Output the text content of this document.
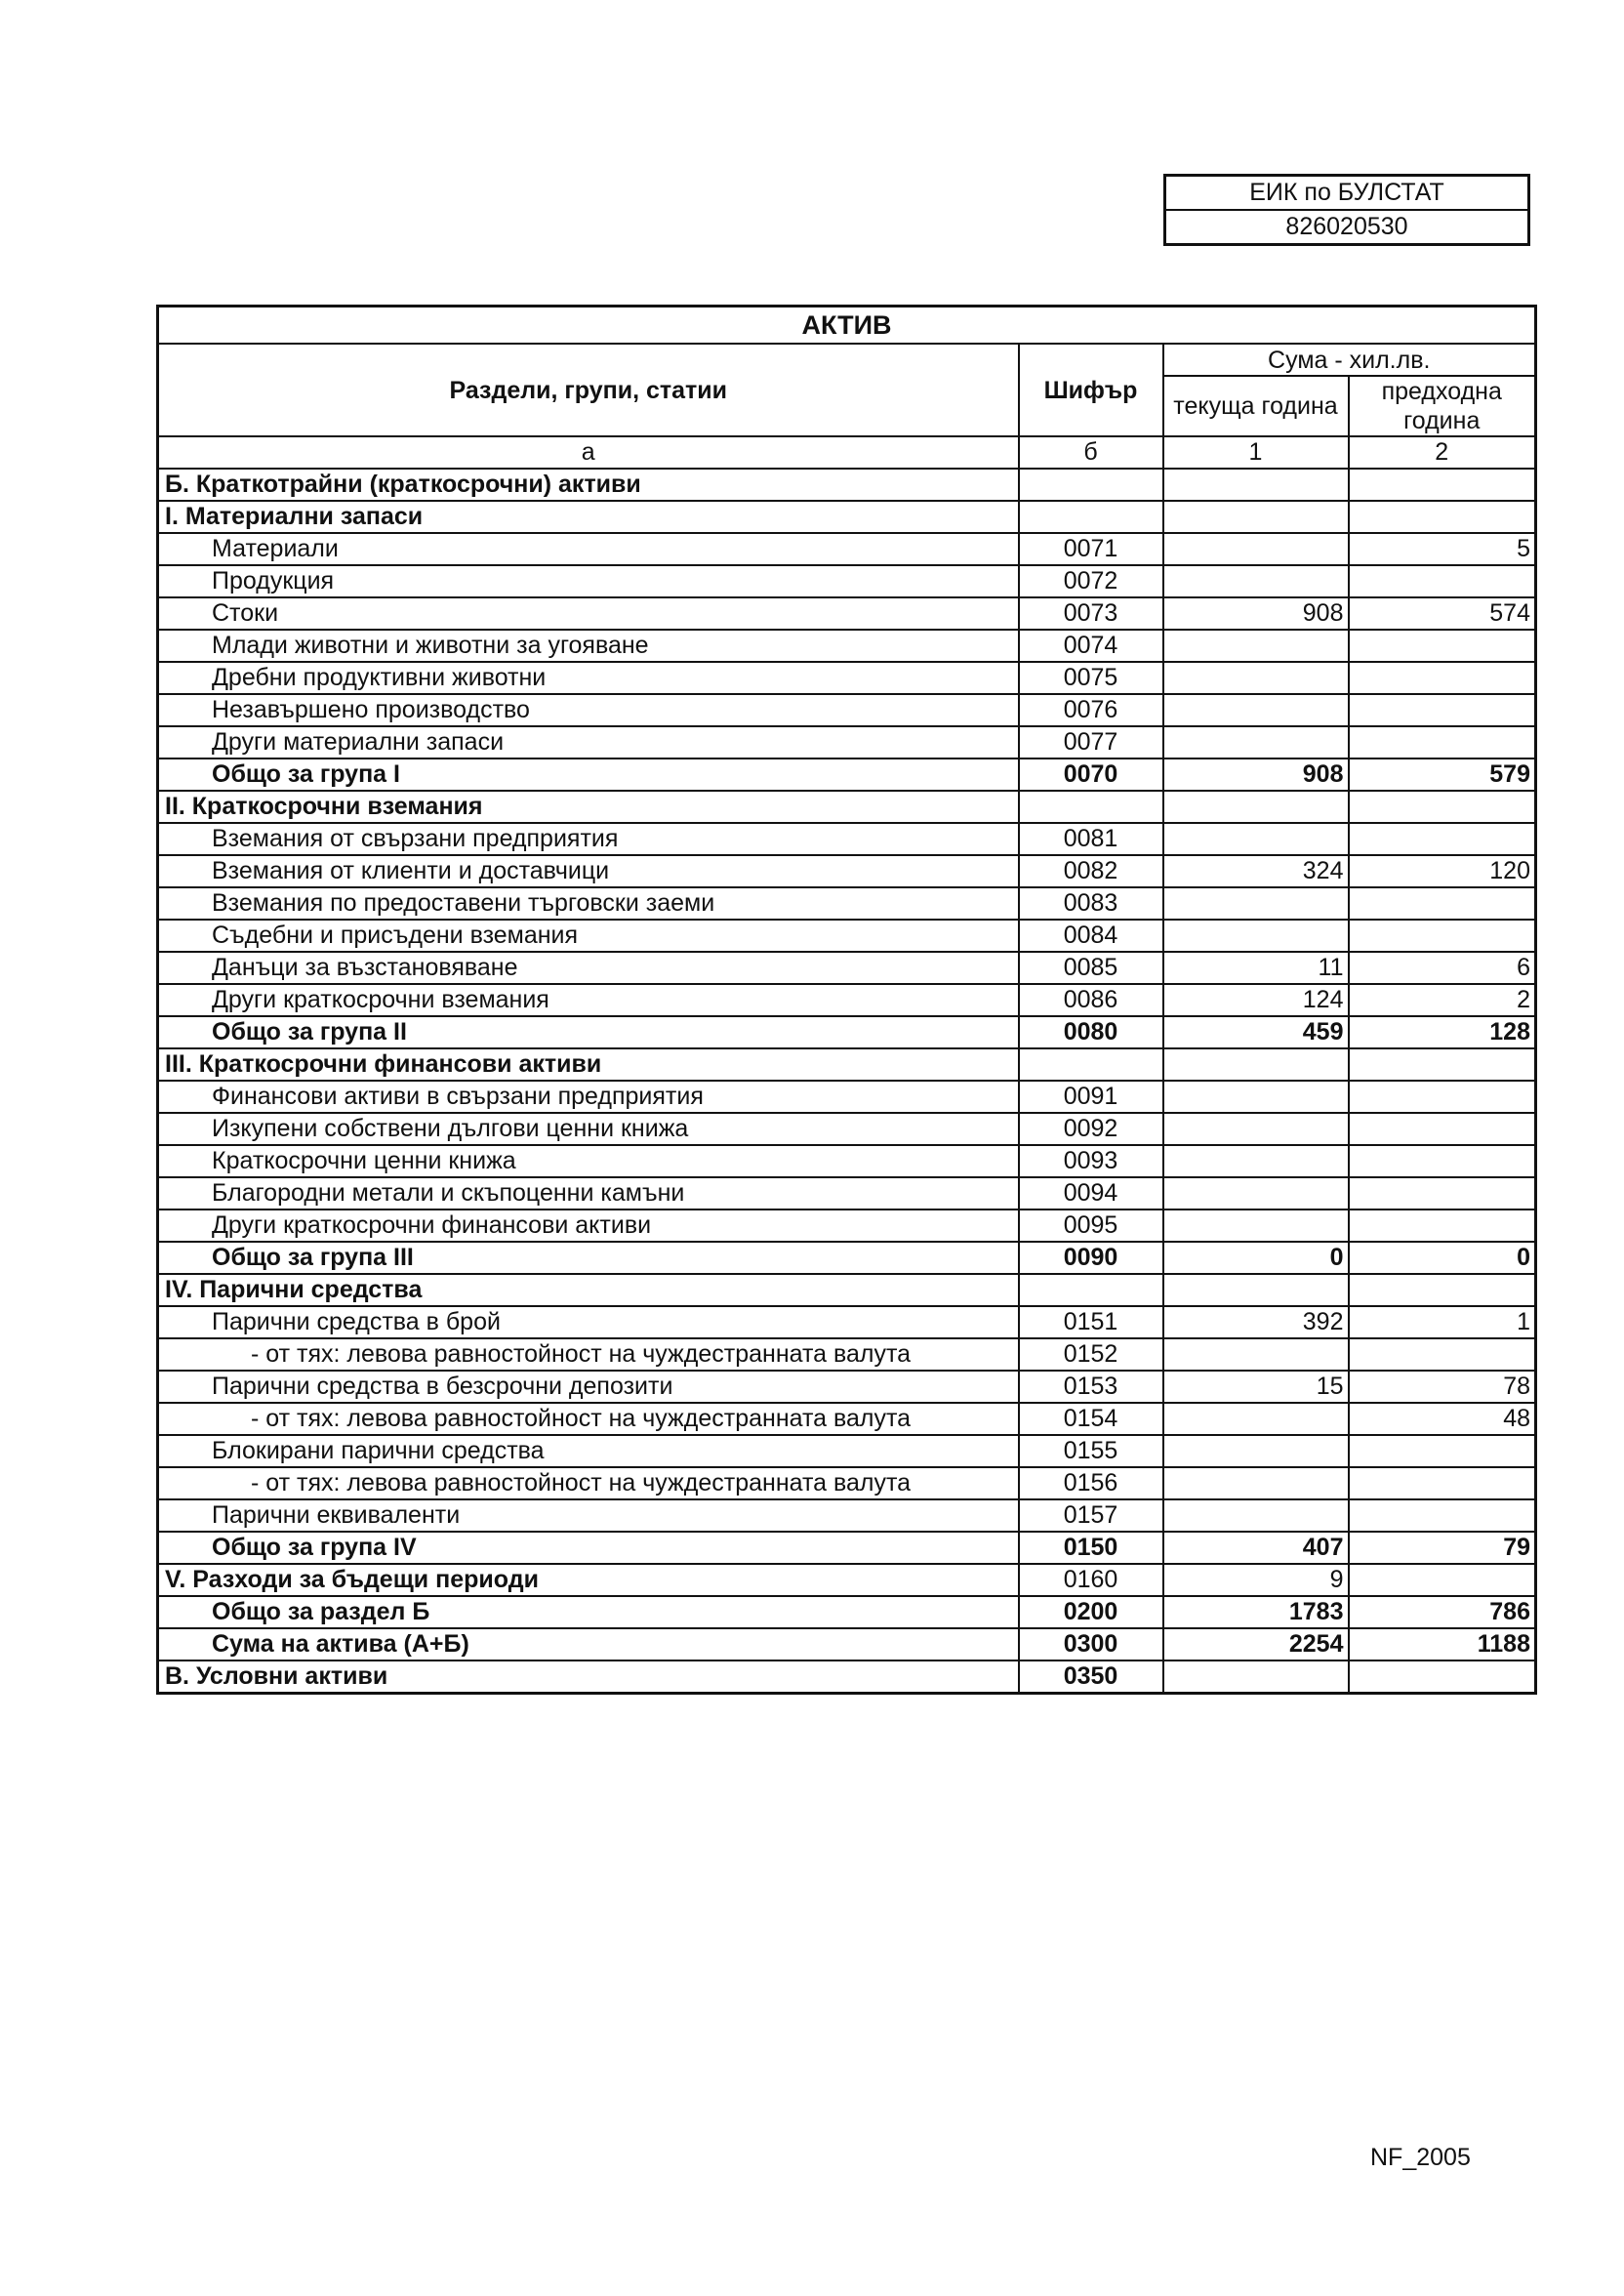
ЕИК по БУЛСТАТ
826020530
АКТИВ			
Раздели, групи, статии	Шифър	Сума - хил.лв.	
		текуща година	предходна година

а	б	1	2
Б. Краткотрайни (краткосрочни) активи			
I. Материални запаси			
Материали	0071		5
Продукция	0072		
Стоки	0073	908	574
Млади животни и животни за угояване	0074		
Дребни продуктивни животни	0075		
Незавършено производство	0076		
Други материални запаси	0077		
Общо за група I	0070	908	579
II. Краткосрочни вземания			
Вземания от свързани предприятия	0081		
Вземания от клиенти и доставчици	0082	324	120
Вземания по предоставени търговски заеми	0083		
Съдебни и присъдени вземания	0084		
Данъци за възстановяване	0085	11	6
Други краткосрочни вземания	0086	124	2
Общо за група II	0080	459	128
III. Краткосрочни финансови активи			
Финансови активи в свързани предприятия	0091		
Изкупени собствени дългови ценни книжа	0092		
Краткосрочни ценни книжа	0093		
Благородни метали и скъпоценни камъни	0094		
Други краткосрочни финансови активи	0095		
Общо за група III	0090	0	0
IV. Парични средства			
Парични средства в брой	0151	392	1
- от тях: левова равностойност на чуждестранната валута	0152		
Парични средства в безсрочни депозити	0153	15	78
- от тях: левова равностойност на чуждестранната валута	0154		48
Блокирани парични средства	0155		
- от тях: левова равностойност на чуждестранната валута	0156		
Парични еквиваленти	0157		
Общо за група IV	0150	407	79
V. Разходи за бъдещи периоди	0160	9	
Общо за раздел Б	0200	1783	786
Сума на актива (А+Б)	0300	2254	1188
В. Условни активи	0350		
NF_2005
